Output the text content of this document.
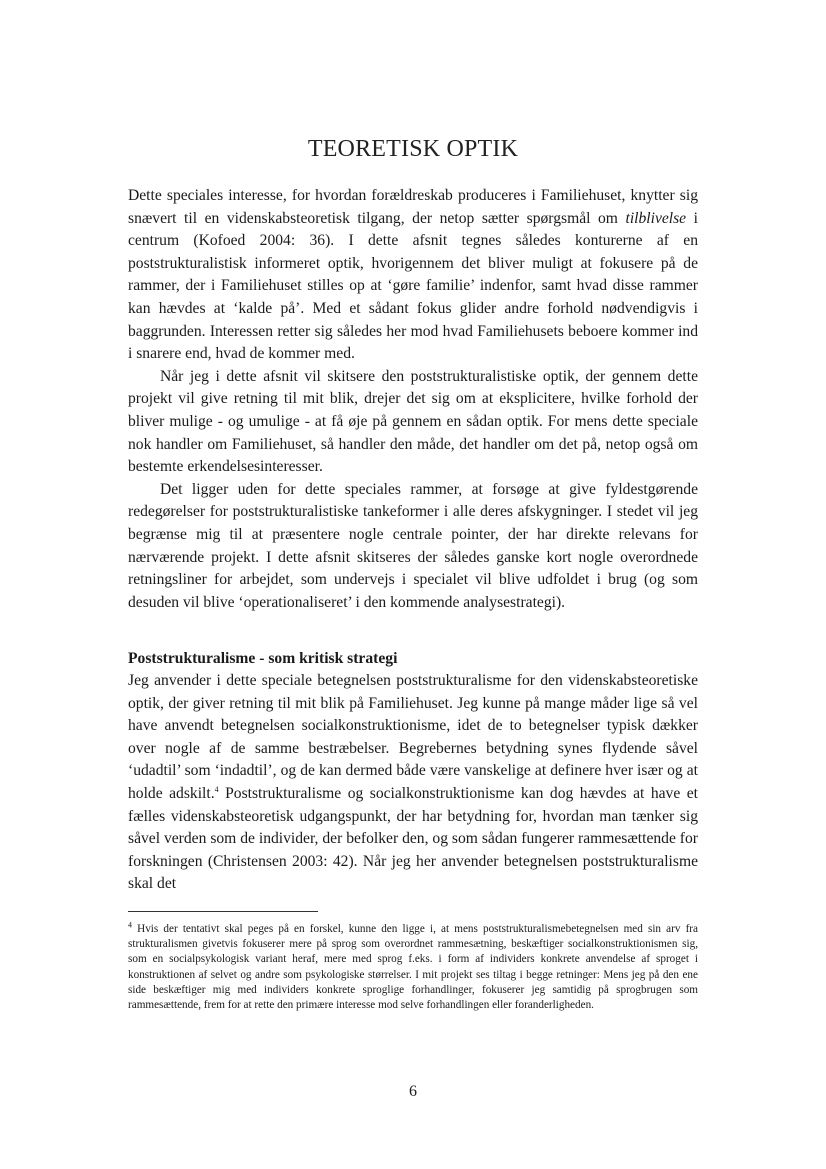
TEORETISK OPTIK

Dette speciales interesse, for hvordan forældreskab produceres i Familiehuset, knytter sig snævert til en videnskabsteoretisk tilgang, der netop sætter spørgsmål om tilblivelse i centrum (Kofoed 2004: 36). I dette afsnit tegnes således konturerne af en poststrukturalistisk informeret optik, hvorigennem det bliver muligt at fokusere på de rammer, der i Familiehuset stilles op at ‘gøre familie’ indenfor, samt hvad disse rammer kan hævdes at ‘kalde på’. Med et sådant fokus glider andre forhold nødvendigvis i baggrunden. Interessen retter sig således her mod hvad Familiehusets beboere kommer ind i snarere end, hvad de kommer med.

Når jeg i dette afsnit vil skitsere den poststrukturalistiske optik, der gennem dette projekt vil give retning til mit blik, drejer det sig om at eksplicitere, hvilke forhold der bliver mulige - og umulige - at få øje på gennem en sådan optik. For mens dette speciale nok handler om Familiehuset, så handler den måde, det handler om det på, netop også om bestemte erkendelsesinteresser.

Det ligger uden for dette speciales rammer, at forsøge at give fyldestgørende redegørelser for poststrukturalistiske tankeformer i alle deres afskygninger. I stedet vil jeg begrænse mig til at præsentere nogle centrale pointer, der har direkte relevans for nærværende projekt. I dette afsnit skitseres der således ganske kort nogle overordnede retningsliner for arbejdet, som undervejs i specialet vil blive udfoldet i brug (og som desuden vil blive ‘operationaliseret’ i den kommende analysestrategi).

Poststrukturalisme - som kritisk strategi

Jeg anvender i dette speciale betegnelsen poststrukturalisme for den videnskabsteoretiske optik, der giver retning til mit blik på Familiehuset. Jeg kunne på mange måder lige så vel have anvendt betegnelsen socialkonstruktionisme, idet de to betegnelser typisk dækker over nogle af de samme bestræbelser. Begrebernes betydning synes flydende såvel ‘udadtil’ som ‘indadtil’, og de kan dermed både være vanskelige at definere hver især og at holde adskilt.$^4$ Poststrukturalisme og socialkonstruktionisme kan dog hævdes at have et fælles videnskabsteoretisk udgangspunkt, der har betydning for, hvordan man tænker sig såvel verden som de individer, der befolker den, og som sådan fungerer rammesættende for forskningen (Christensen 2003: 42). Når jeg her anvender betegnelsen poststrukturalisme skal det

$^4$ Hvis der tentativt skal peges på en forskel, kunne den ligge i, at mens poststrukturalismebetegnelsen med sin arv fra strukturalismen givetvis fokuserer mere på sprog som overordnet rammesætning, beskæftiger socialkonstruktionismen sig, som en socialpsykologisk variant heraf, mere med sprog f.eks. i form af individers konkrete anvendelse af sproget i konstruktionen af selvet og andre som psykologiske størrelser. I mit projekt ses tiltag i begge retninger: Mens jeg på den ene side beskæftiger mig med individers konkrete sproglige forhandlinger, fokuserer jeg samtidig på sprogbrugen som rammesættende, frem for at rette den primære interesse mod selve forhandlingen eller foranderligheden.
6
